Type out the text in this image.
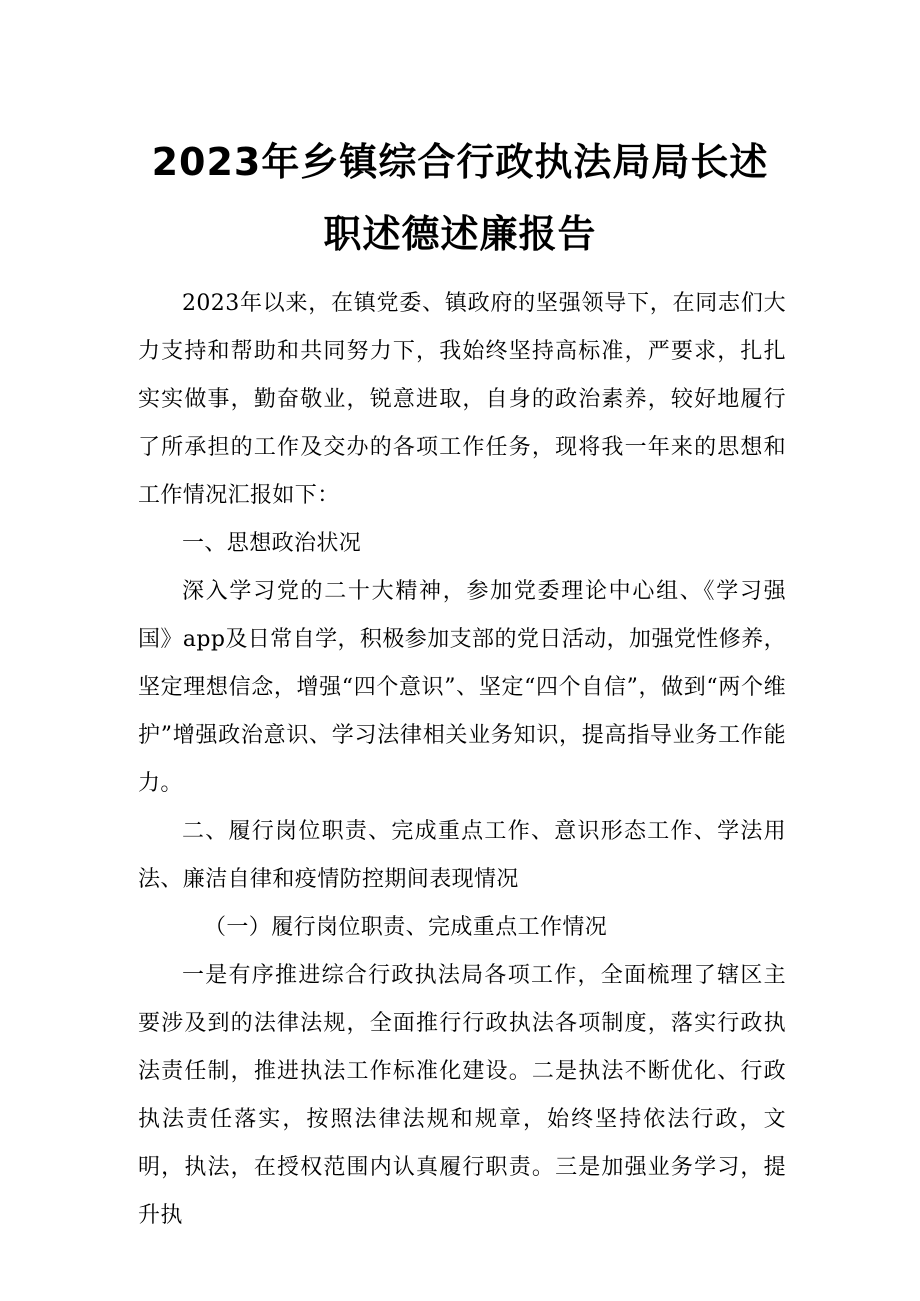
2023年乡镇综合行政执法局局长述
职述德述廉报告

2023年以来，在镇党委、镇政府的坚强领导下，在同志们大力支持和帮助和共同努力下，我始终坚持高标准，严要求，扎扎实实做事，勤奋敬业，锐意进取，自身的政治素养，较好地履行了所承担的工作及交办的各项工作任务，现将我一年来的思想和工作情况汇报如下：

一、思想政治状况

深入学习党的二十大精神，参加党委理论中心组、《学习强国》app及日常自学，积极参加支部的党日活动，加强党性修养，坚定理想信念，增强“四个意识”、坚定“四个自信”，做到“两个维护”增强政治意识、学习法律相关业务知识，提高指导业务工作能力。

二、履行岗位职责、完成重点工作、意识形态工作、学法用法、廉洁自律和疫情防控期间表现情况

（一）履行岗位职责、完成重点工作情况

一是有序推进综合行政执法局各项工作，全面梳理了辖区主要涉及到的法律法规，全面推行行政执法各项制度，落实行政执法责任制，推进执法工作标准化建设。二是执法不断优化、行政执法责任落实，按照法律法规和规章，始终坚持依法行政，文明，执法，在授权范围内认真履行职责。三是加强业务学习，提升执
